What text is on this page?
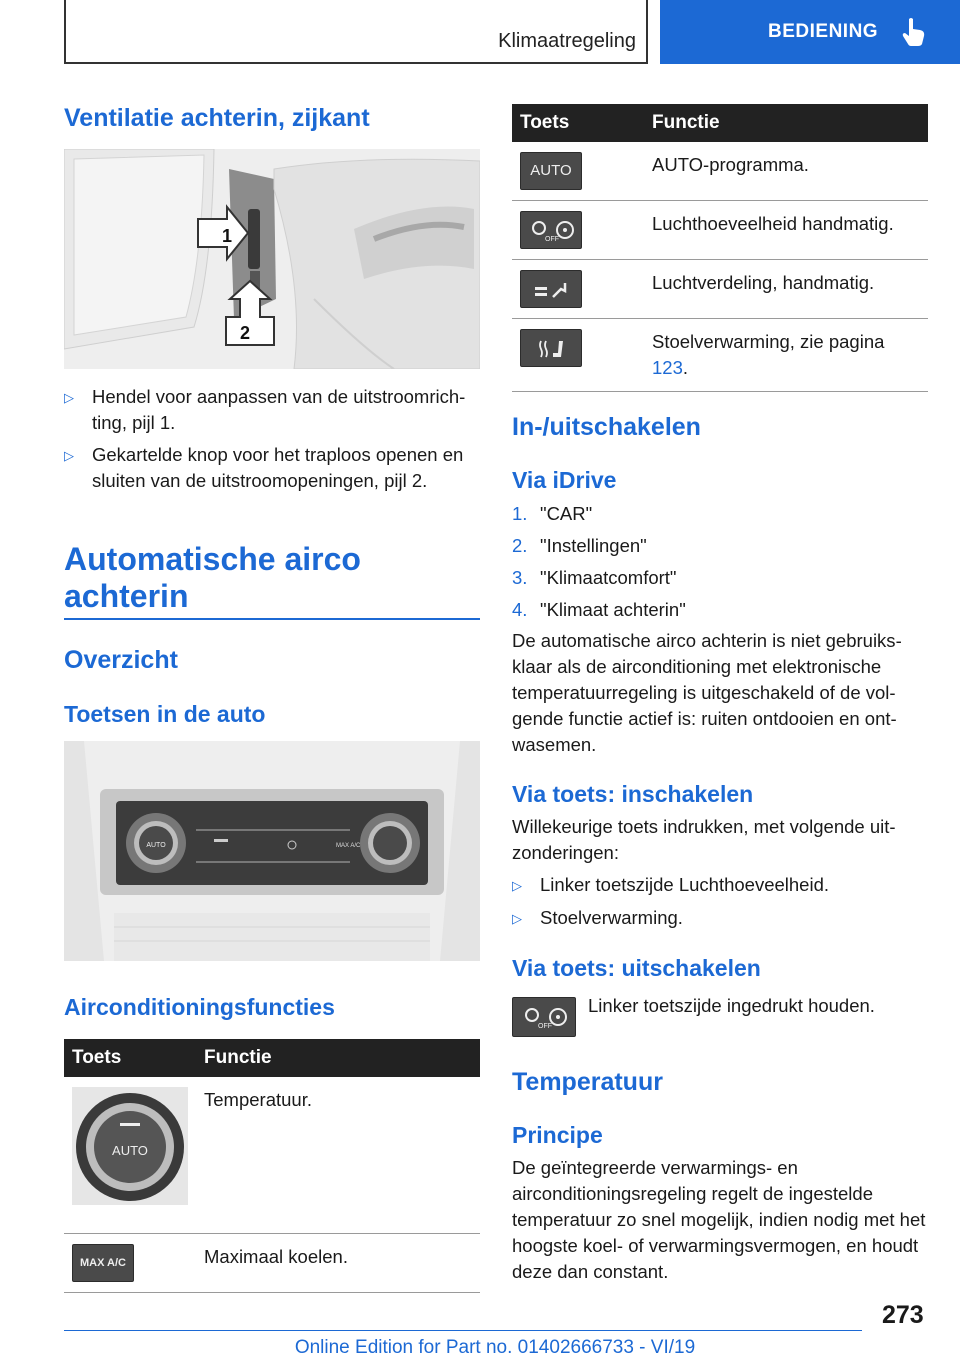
Klimaatregeling	BEDIENING
Ventilatie achterin, zijkant
1
2
▷ Hendel voor aanpassen van de uitstroomrichting, pijl 1.
▷ Gekartelde knop voor het traploos openen en sluiten van de uitstroomopeningen, pijl 2.
Automatische airco achterin
Overzicht
Toetsen in de auto
AUTO	MAX A/C
Airconditioningsfuncties
Toets	Functie

AUTO	Temperatuur.

MAX A/C	Maximaal koelen.
Toets	Functie

AUTO	AUTO-programma.

OFF	Luchthoeveelheid handmatig.

	Luchtverdeling, handmatig.

	Stoelverwarming, zie pagina 123.
In-/uitschakelen
Via iDrive
1. "CAR"
2. "Instellingen"
3. "Klimaatcomfort"
4. "Klimaat achterin"

De automatische airco achterin is niet gebruiksklaar als de airconditioning met elektronische temperatuurregeling is uitgeschakeld of de volgende functie actief is: ruiten ontdooien en ontwasemen.

Via toets: inschakelen

Willekeurige toets indrukken, met volgende uitzonderingen:

▷ Linker toetszijde Luchthoeveelheid.
▷ Stoelverwarming.
Via toets: uitschakelen
OFF

Linker toetszijde ingedrukt houden.

Temperatuur
Principe

De geïntegreerde verwarmings- en airconditioningsregeling regelt de ingestelde temperatuur zo snel mogelijk, indien nodig met het hoogste koel- of verwarmingsvermogen, en houdt deze dan constant.

273
Online Edition for Part no. 01402666733 - VI/19
